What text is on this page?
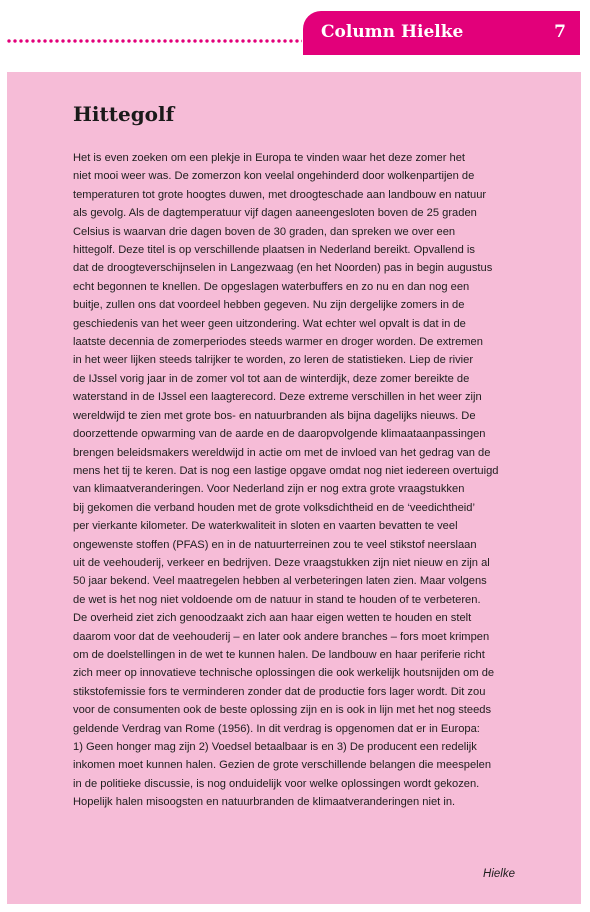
Column Hielke	7
Hittegolf

Het is even zoeken om een plekje in Europa te vinden waar het deze zomer het
niet mooi weer was. De zomerzon kon veelal ongehinderd door wolkenpartijen de
temperaturen tot grote hoogtes duwen, met droogteschade aan landbouw en natuur
als gevolg. Als de dagtemperatuur vijf dagen aaneengesloten boven de 25 graden
Celsius is waarvan drie dagen boven de 30 graden, dan spreken we over een
hittegolf. Deze titel is op verschillende plaatsen in Nederland bereikt. Opvallend is
dat de droogteverschijnselen in Langezwaag (en het Noorden) pas in begin augustus
echt begonnen te knellen. De opgeslagen waterbuffers en zo nu en dan nog een
buitje, zullen ons dat voordeel hebben gegeven. Nu zijn dergelijke zomers in de
geschiedenis van het weer geen uitzondering. Wat echter wel opvalt is dat in de
laatste decennia de zomerperiodes steeds warmer en droger worden. De extremen
in het weer lijken steeds talrijker te worden, zo leren de statistieken. Liep de rivier
de IJssel vorig jaar in de zomer vol tot aan de winterdijk, deze zomer bereikte de
waterstand in de IJssel een laagterecord. Deze extreme verschillen in het weer zijn
wereldwijd te zien met grote bos- en natuurbranden als bijna dagelijks nieuws. De
doorzettende opwarming van de aarde en de daaropvolgende klimaataanpassingen
brengen beleidsmakers wereldwijd in actie om met de invloed van het gedrag van de
mens het tij te keren. Dat is nog een lastige opgave omdat nog niet iedereen overtuigd
van klimaatveranderingen. Voor Nederland zijn er nog extra grote vraagstukken
bij gekomen die verband houden met de grote volksdichtheid en de ‘veedichtheid’
per vierkante kilometer. De waterkwaliteit in sloten en vaarten bevatten te veel
ongewenste stoffen (PFAS) en in de natuurterreinen zou te veel stikstof neerslaan
uit de veehouderij, verkeer en bedrijven. Deze vraagstukken zijn niet nieuw en zijn al
50 jaar bekend. Veel maatregelen hebben al verbeteringen laten zien. Maar volgens
de wet is het nog niet voldoende om de natuur in stand te houden of te verbeteren.
De overheid ziet zich genoodzaakt zich aan haar eigen wetten te houden en stelt
daarom voor dat de veehouderij – en later ook andere branches – fors moet krimpen
om de doelstellingen in de wet te kunnen halen. De landbouw en haar periferie richt
zich meer op innovatieve technische oplossingen die ook werkelijk houtsnijden om de
stikstofemissie fors te verminderen zonder dat de productie fors lager wordt. Dit zou
voor de consumenten ook de beste oplossing zijn en is ook in lijn met het nog steeds
geldende Verdrag van Rome (1956). In dit verdrag is opgenomen dat er in Europa:
1) Geen honger mag zijn 2) Voedsel betaalbaar is en 3) De producent een redelijk
inkomen moet kunnen halen. Gezien de grote verschillende belangen die meespelen
in de politieke discussie, is nog onduidelijk voor welke oplossingen wordt gekozen.
Hopelijk halen misoogsten en natuurbranden de klimaatveranderingen niet in.

Hielke
